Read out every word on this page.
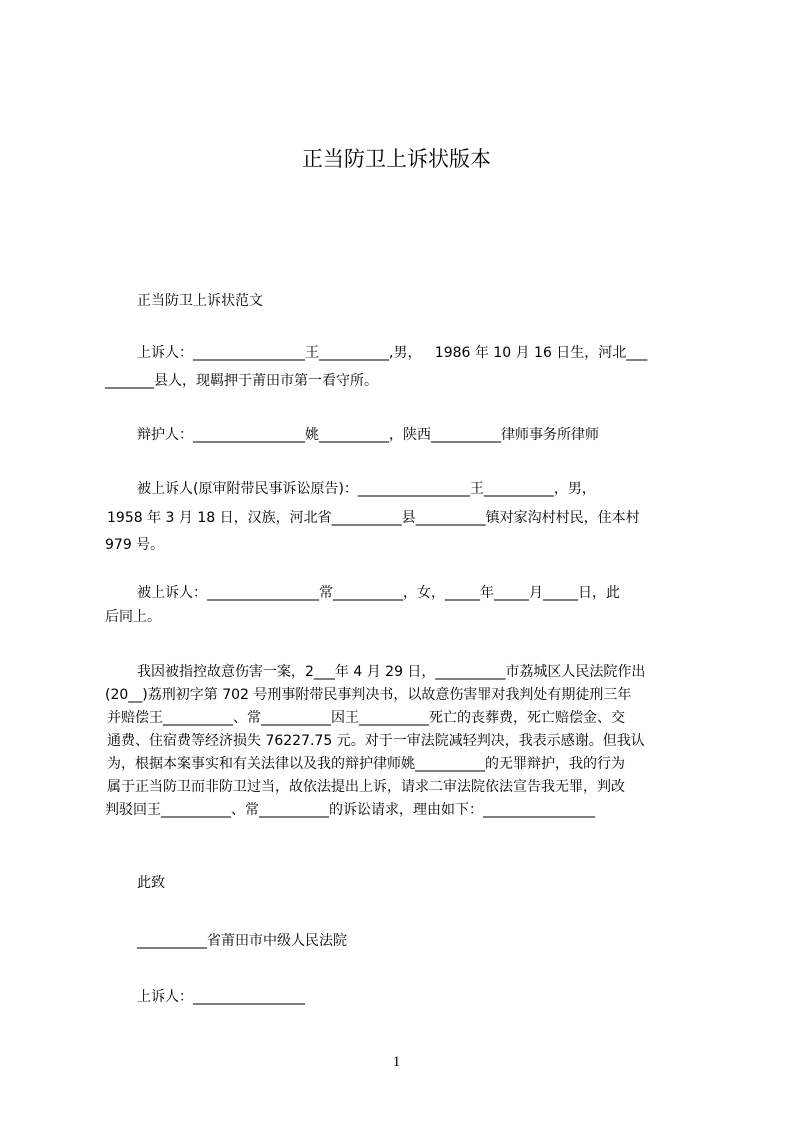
正当防卫上诉状版本
正当防卫上诉状范文
上诉人：________________王__________,男，   1986 年 10 月 16 日生，河北___
_______县人，现羁押于莆田市第一看守所。
辩护人：________________姚__________，陕西__________律师事务所律师
被上诉人(原审附带民事诉讼原告)：________________王__________，男，
1958 年 3 月 18 日，汉族，河北省__________县__________镇对家沟村村民，住本村
979 号。
被上诉人：________________常__________，女，_____年_____月_____日，此
后同上。
我因被指控故意伤害一案，2___年 4 月 29 日，__________市荔城区人民法院作出
(20__)荔刑初字第 702 号刑事附带民事判决书，以故意伤害罪对我判处有期徒刑三年
并赔偿王__________、常__________因王__________死亡的丧葬费，死亡赔偿金、交
通费、住宿费等经济损失 76227.75 元。对于一审法院减轻判决，我表示感谢。但我认
为，根据本案事实和有关法律以及我的辩护律师姚__________的无罪辩护，我的行为
属于正当防卫而非防卫过当，故依法提出上诉，请求二审法院依法宣告我无罪，判改
判驳回王__________、常__________的诉讼请求，理由如下：________________
此致
__________省莆田市中级人民法院
上诉人：________________
1
